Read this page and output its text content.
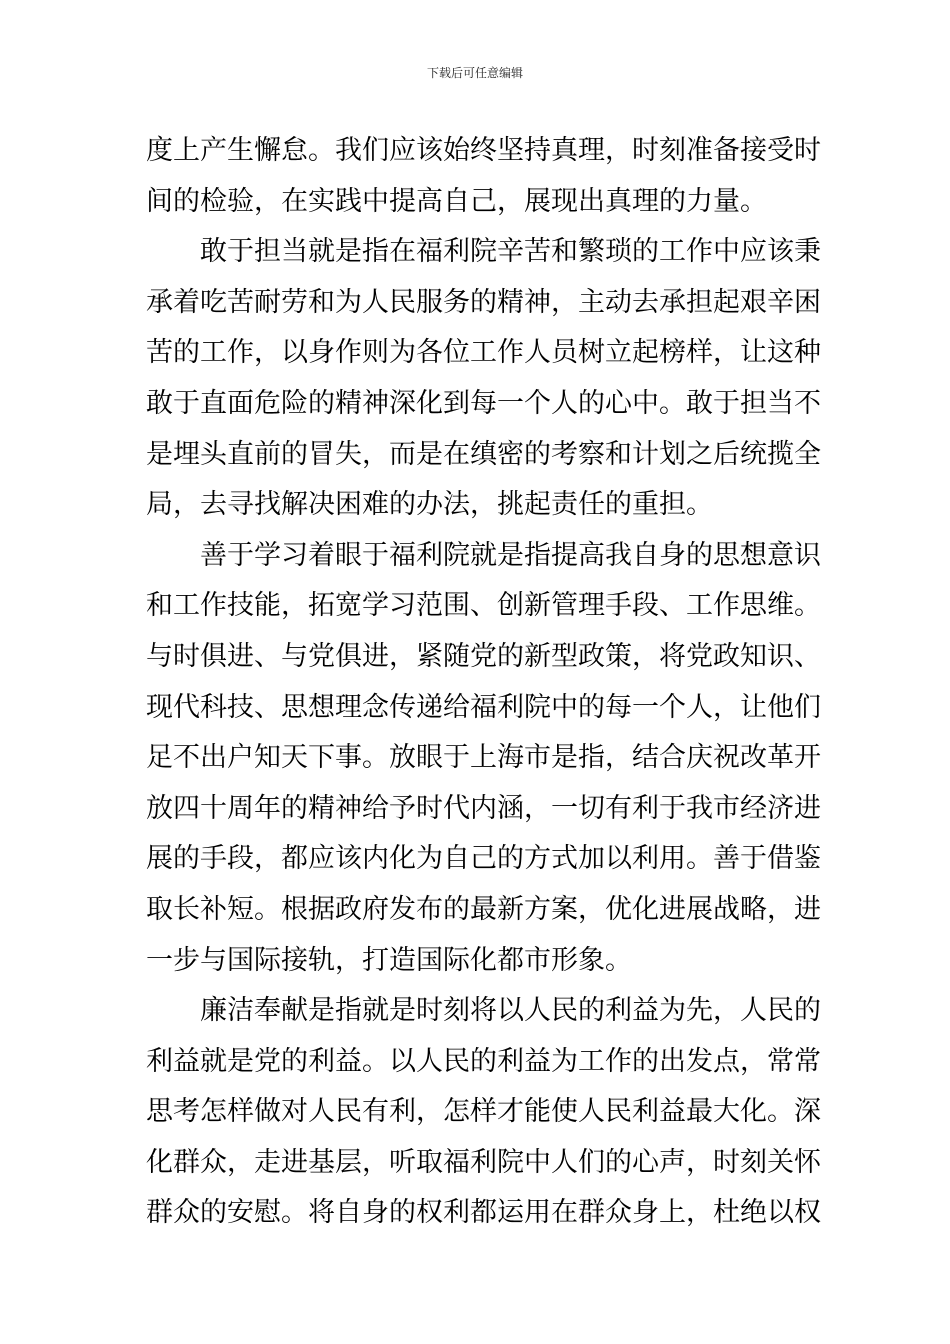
下载后可任意编辑
度上产生懈怠。我们应该始终坚持真理，时刻准备接受时
间的检验，在实践中提高自己，展现出真理的力量。
敢于担当就是指在福利院辛苦和繁琐的工作中应该秉
承着吃苦耐劳和为人民服务的精神，主动去承担起艰辛困
苦的工作，以身作则为各位工作人员树立起榜样，让这种
敢于直面危险的精神深化到每一个人的心中。敢于担当不
是埋头直前的冒失，而是在缜密的考察和计划之后统揽全
局，去寻找解决困难的办法，挑起责任的重担。
善于学习着眼于福利院就是指提高我自身的思想意识
和工作技能，拓宽学习范围、创新管理手段、工作思维。
与时俱进、与党俱进，紧随党的新型政策，将党政知识、
现代科技、思想理念传递给福利院中的每一个人，让他们
足不出户知天下事。放眼于上海市是指，结合庆祝改革开
放四十周年的精神给予时代内涵，一切有利于我市经济进
展的手段，都应该内化为自己的方式加以利用。善于借鉴
取长补短。根据政府发布的最新方案，优化进展战略，进
一步与国际接轨，打造国际化都市形象。
廉洁奉献是指就是时刻将以人民的利益为先，人民的
利益就是党的利益。以人民的利益为工作的出发点，常常
思考怎样做对人民有利，怎样才能使人民利益最大化。深
化群众，走进基层，听取福利院中人们的心声，时刻关怀
群众的安慰。将自身的权利都运用在群众身上，杜绝以权
